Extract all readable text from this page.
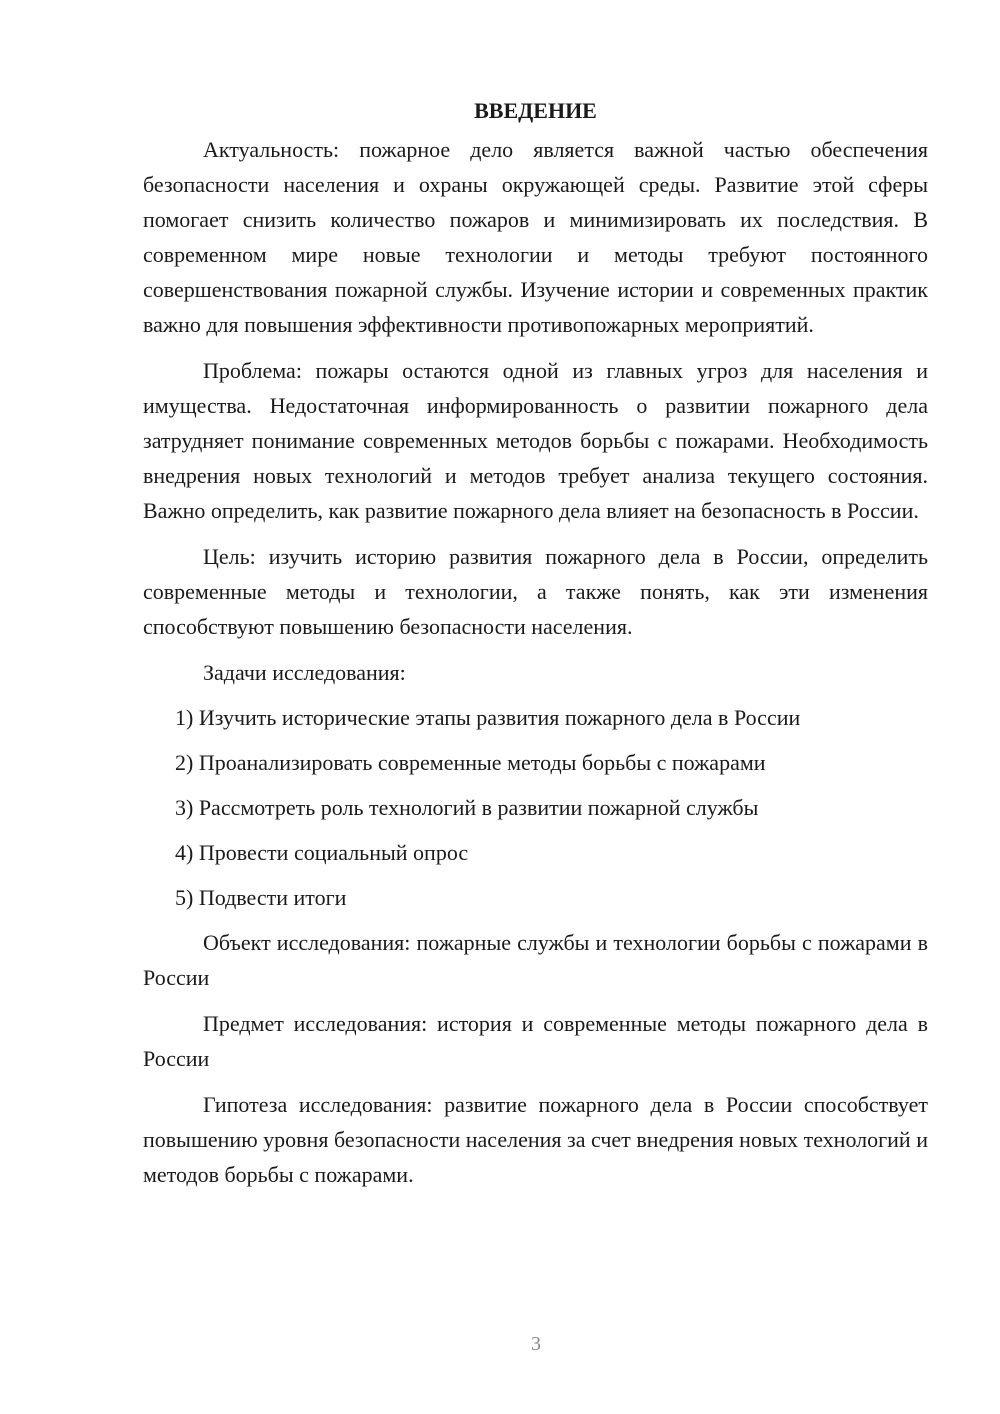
ВВЕДЕНИЕ

Актуальность: пожарное дело является важной частью обеспечения безопасности населения и охраны окружающей среды. Развитие этой сферы помогает снизить количество пожаров и минимизировать их последствия. В современном мире новые технологии и методы требуют постоянного совершенствования пожарной службы. Изучение истории и современных практик важно для повышения эффективности противопожарных мероприятий.

Проблема: пожары остаются одной из главных угроз для населения и имущества. Недостаточная информированность о развитии пожарного дела затрудняет понимание современных методов борьбы с пожарами. Необходимость внедрения новых технологий и методов требует анализа текущего состояния. Важно определить, как развитие пожарного дела влияет на безопасность в России.

Цель: изучить историю развития пожарного дела в России, определить современные методы и технологии, а также понять, как эти изменения способствуют повышению безопасности населения.

Задачи исследования:

1) Изучить исторические этапы развития пожарного дела в России
2) Проанализировать современные методы борьбы с пожарами
3) Рассмотреть роль технологий в развитии пожарной службы
4) Провести социальный опрос
5) Подвести итоги

Объект исследования: пожарные службы и технологии борьбы с пожарами в России

Предмет исследования: история и современные методы пожарного дела в России

Гипотеза исследования: развитие пожарного дела в России способствует повышению уровня безопасности населения за счет внедрения новых технологий и методов борьбы с пожарами.

3
